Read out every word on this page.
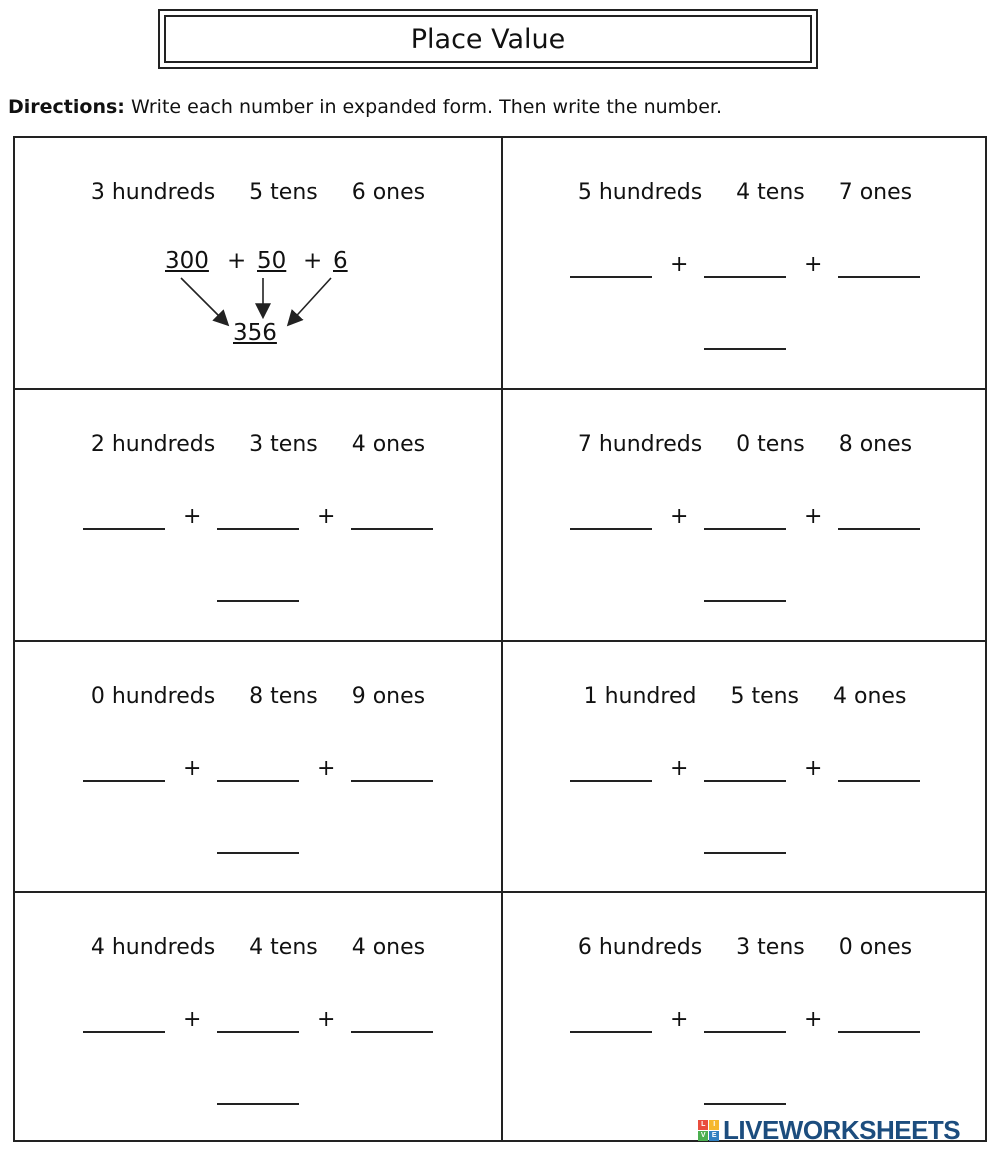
Place Value
Directions: Write each number in expanded form. Then write the number.
3 hundreds 5 tens 6 ones
300 + 50 + 6
356
5 hundreds 4 tens 7 ones
+	+
2 hundreds 3 tens 4 ones
+	+
7 hundreds 0 tens 8 ones
+	+
0 hundreds 8 tens 9 ones
+	+
1 hundred 5 tens 4 ones
+	+
4 hundreds 4 tens 4 ones
+	+
6 hundreds 3 tens 0 ones
+	+
L	I
V E LIVEWORKSHEETS
